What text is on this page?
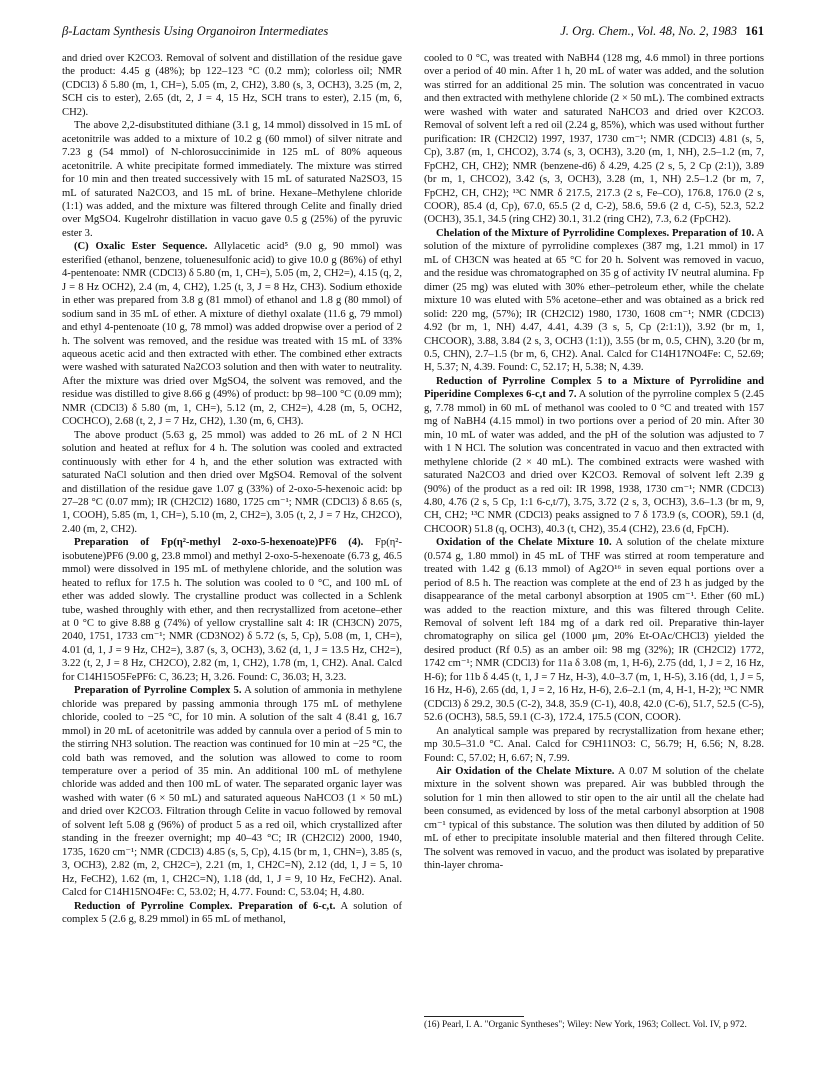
β-Lactam Synthesis Using Organoiron Intermediates	J. Org. Chem., Vol. 48, No. 2, 1983 161

and dried over K2CO3. Removal of solvent and distillation of the residue gave the product: 4.45 g (48%); bp 122–123 °C (0.2 mm); colorless oil; NMR (CDCl3) δ 5.80 (m, 1, CH=), 5.05 (m, 2, CH2), 3.80 (s, 3, OCH3), 3.25 (m, 2, SCH cis to ester), 2.65 (dt, 2, J = 4, 15 Hz, SCH trans to ester), 2.15 (m, 6, CH2).

The above 2,2-disubstituted dithiane (3.1 g, 14 mmol) dissolved in 15 mL of acetonitrile was added to a mixture of 10.2 g (60 mmol) of silver nitrate and 7.23 g (54 mmol) of N-chlorosuccinimide in 125 mL of 80% aqueous acetonitrile. A white precipitate formed immediately. The mixture was stirred for 10 min and then treated successively with 15 mL of saturated Na2SO3, 15 mL of saturated Na2CO3, and 15 mL of brine. Hexane–Methylene chloride (1:1) was added, and the mixture was filtered through Celite and finally dried over MgSO4. Kugelrohr distillation in vacuo gave 0.5 g (25%) of the pyruvic ester 3.

(C) Oxalic Ester Sequence. Allylacetic acid⁵ (9.0 g, 90 mmol) was esterified (ethanol, benzene, toluenesulfonic acid) to give 10.0 g (86%) of ethyl 4-pentenoate: NMR (CDCl3) δ 5.80 (m, 1, CH=), 5.05 (m, 2, CH2=), 4.15 (q, 2, J = 8 Hz OCH2), 2.4 (m, 4, CH2), 1.25 (t, 3, J = 8 Hz, CH3). Sodium ethoxide in ether was prepared from 3.8 g (81 mmol) of ethanol and 1.8 g (80 mmol) of sodium sand in 35 mL of ether. A mixture of diethyl oxalate (11.6 g, 79 mmol) and ethyl 4-pentenoate (10 g, 78 mmol) was added dropwise over a period of 2 h. The solvent was removed, and the residue was treated with 15 mL of 33% aqueous acetic acid and then extracted with ether. The combined ether extracts were washed with saturated Na2CO3 solution and then with water to neutrality. After the mixture was dried over MgSO4, the solvent was removed, and the residue was distilled to give 8.66 g (49%) of product: bp 98–100 °C (0.09 mm); NMR (CDCl3) δ 5.80 (m, 1, CH=), 5.12 (m, 2, CH2=), 4.28 (m, 5, OCH2, COCHCO), 2.68 (t, 2, J = 7 Hz, CH2), 1.30 (m, 6, CH3).

The above product (5.63 g, 25 mmol) was added to 26 mL of 2 N HCl solution and heated at reflux for 4 h. The solution was cooled and extracted continuously with ether for 4 h, and the ether solution was extracted with saturated NaCl solution and then dried over MgSO4. Removal of the solvent and distillation of the residue gave 1.07 g (33%) of 2-oxo-5-hexenoic acid: bp 27–28 °C (0.07 mm); IR (CH2Cl2) 1680, 1725 cm⁻¹; NMR (CDCl3) δ 8.65 (s, 1, COOH), 5.85 (m, 1, CH=), 5.10 (m, 2, CH2=), 3.05 (t, 2, J = 7 Hz, CH2CO), 2.40 (m, 2, CH2).

Preparation of Fp(η²-methyl 2-oxo-5-hexenoate)PF6 (4). Fp(η²-isobutene)PF6 (9.00 g, 23.8 mmol) and methyl 2-oxo-5-hexenoate (6.73 g, 46.5 mmol) were dissolved in 195 mL of methylene chloride, and the solution was heated to reflux for 17.5 h. The solution was cooled to 0 °C, and 100 mL of ether was added slowly. The crystalline product was collected in a Schlenk tube, washed throughly with ether, and then recrystallized from acetone–ether at 0 °C to give 8.88 g (74%) of yellow crystalline salt 4: IR (CH3CN) 2075, 2040, 1751, 1733 cm⁻¹; NMR (CD3NO2) δ 5.72 (s, 5, Cp), 5.08 (m, 1, CH=), 4.01 (d, 1, J = 9 Hz, CH2=), 3.87 (s, 3, OCH3), 3.62 (d, 1, J = 13.5 Hz, CH2=), 3.22 (t, 2, J = 8 Hz, CH2CO), 2.82 (m, 1, CH2), 1.78 (m, 1, CH2). Anal. Calcd for C14H15O5FePF6: C, 36.23; H, 3.26. Found: C, 36.03; H, 3.23.

Preparation of Pyrroline Complex 5. A solution of ammonia in methylene chloride was prepared by passing ammonia through 175 mL of methylene chloride, cooled to −25 °C, for 10 min. A solution of the salt 4 (8.41 g, 16.7 mmol) in 20 mL of acetonitrile was added by cannula over a period of 5 min to the stirring NH3 solution. The reaction was continued for 10 min at −25 °C, the cold bath was removed, and the solution was allowed to come to room temperature over a period of 35 min. An additional 100 mL of methylene chloride was added and then 100 mL of water. The separated organic layer was washed with water (6 × 50 mL) and saturated aqueous NaHCO3 (1 × 50 mL) and dried over K2CO3. Filtration through Celite in vacuo followed by removal of solvent left 5.08 g (96%) of product 5 as a red oil, which crystallized after standing in the freezer overnight; mp 40–43 °C; IR (CH2Cl2) 2000, 1940, 1735, 1620 cm⁻¹; NMR (CDCl3) 4.85 (s, 5, Cp), 4.15 (br m, 1, CHN=), 3.85 (s, 3, OCH3), 2.82 (m, 2, CH2C=), 2.21 (m, 1, CH2C=N), 2.12 (dd, 1, J = 5, 10 Hz, FeCH2), 1.62 (m, 1, CH2C=N), 1.18 (dd, 1, J = 9, 10 Hz, FeCH2). Anal. Calcd for C14H15NO4Fe: C, 53.02; H, 4.77. Found: C, 53.04; H, 4.80.

Reduction of Pyrroline Complex. Preparation of 6-c,t. A solution of complex 5 (2.6 g, 8.29 mmol) in 65 mL of methanol,

cooled to 0 °C, was treated with NaBH4 (128 mg, 4.6 mmol) in three portions over a period of 40 min. After 1 h, 20 mL of water was added, and the solution was stirred for an additional 25 min. The solution was concentrated in vacuo and then extracted with methylene chloride (2 × 50 mL). The combined extracts were washed with water and saturated NaHCO3 and dried over K2CO3. Removal of solvent left a red oil (2.24 g, 85%), which was used without further purification: IR (CH2Cl2) 1997, 1937, 1730 cm⁻¹; NMR (CDCl3) 4.81 (s, 5, Cp), 3.87 (m, 1, CHCO2), 3.74 (s, 3, OCH3), 3.20 (m, 1, NH), 2.5–1.2 (m, 7, FpCH2, CH, CH2); NMR (benzene-d6) δ 4.29, 4.25 (2 s, 5, 2 Cp (2:1)), 3.89 (br m, 1, CHCO2), 3.42 (s, 3, OCH3), 3.28 (m, 1, NH) 2.5–1.2 (br m, 7, FpCH2, CH, CH2); ¹³C NMR δ 217.5, 217.3 (2 s, Fe–CO), 176.8, 176.0 (2 s, COOR), 85.4 (d, Cp), 67.0, 65.5 (2 d, C-2), 58.6, 59.6 (2 d, C-5), 52.3, 52.2 (OCH3), 35.1, 34.5 (ring CH2) 30.1, 31.2 (ring CH2), 7.3, 6.2 (FpCH2).

Chelation of the Mixture of Pyrrolidine Complexes. Preparation of 10. A solution of the mixture of pyrrolidine complexes (387 mg, 1.21 mmol) in 17 mL of CH3CN was heated at 65 °C for 20 h. Solvent was removed in vacuo, and the residue was chromatographed on 35 g of activity IV neutral alumina. Fp dimer (25 mg) was eluted with 30% ether–petroleum ether, while the chelate mixture 10 was eluted with 5% acetone–ether and was obtained as a brick red solid: 220 mg, (57%); IR (CH2Cl2) 1980, 1730, 1608 cm⁻¹; NMR (CDCl3) 4.92 (br m, 1, NH) 4.47, 4.41, 4.39 (3 s, 5, Cp (2:1:1)), 3.92 (br m, 1, CHCOOR), 3.88, 3.84 (2 s, 3, OCH3 (1:1)), 3.55 (br m, 0.5, CHN), 3.20 (br m, 0.5, CHN), 2.7–1.5 (br m, 6, CH2). Anal. Calcd for C14H17NO4Fe: C, 52.69; H, 5.37; N, 4.39. Found: C, 52.17; H, 5.38; N, 4.39.

Reduction of Pyrroline Complex 5 to a Mixture of Pyrrolidine and Piperidine Complexes 6-c,t and 7. A solution of the pyrroline complex 5 (2.45 g, 7.78 mmol) in 60 mL of methanol was cooled to 0 °C and treated with 157 mg of NaBH4 (4.15 mmol) in two portions over a period of 20 min. After 30 min, 10 mL of water was added, and the pH of the solution was adjusted to 7 with 1 N HCl. The solution was concentrated in vacuo and then extracted with methylene chloride (2 × 40 mL). The combined extracts were washed with saturated Na2CO3 and dried over K2CO3. Removal of solvent left 2.39 g (90%) of the product as a red oil: IR 1998, 1938, 1730 cm⁻¹; NMR (CDCl3) 4.80, 4.76 (2 s, 5 Cp, 1:1 6-c,t/7), 3.75, 3.72 (2 s, 3, OCH3), 3.6–1.3 (br m, 9, CH, CH2; ¹³C NMR (CDCl3) peaks assigned to 7 δ 173.9 (s, COOR), 59.1 (d, CHCOOR) 51.8 (q, OCH3), 40.3 (t, CH2), 35.4 (CH2), 23.6 (d, FpCH).

Oxidation of the Chelate Mixture 10. A solution of the chelate mixture (0.574 g, 1.80 mmol) in 45 mL of THF was stirred at room temperature and treated with 1.42 g (6.13 mmol) of Ag2O¹⁶ in seven equal portions over a period of 8.5 h. The reaction was complete at the end of 23 h as judged by the disappearance of the metal carbonyl absorption at 1905 cm⁻¹. Ether (60 mL) was added to the reaction mixture, and this was filtered through Celite. Removal of solvent left 184 mg of a dark red oil. Preparative thin-layer chromatography on silica gel (1000 μm, 20% Et-OAc/CHCl3) yielded the desired product (Rf 0.5) as an amber oil: 98 mg (32%); IR (CH2Cl2) 1772, 1742 cm⁻¹; NMR (CDCl3) for 11a δ 3.08 (m, 1, H-6), 2.75 (dd, 1, J = 2, 16 Hz, H-6); for 11b δ 4.45 (t, 1, J = 7 Hz, H-3), 4.0–3.7 (m, 1, H-5), 3.16 (dd, 1, J = 5, 16 Hz, H-6), 2.65 (dd, 1, J = 2, 16 Hz, H-6), 2.6–2.1 (m, 4, H-1, H-2); ¹³C NMR (CDCl3) δ 29.2, 30.5 (C-2), 34.8, 35.9 (C-1), 40.8, 42.0 (C-6), 51.7, 52.5 (C-5), 52.6 (OCH3), 58.5, 59.1 (C-3), 172.4, 175.5 (CON, COOR).

An analytical sample was prepared by recrystallization from hexane ether; mp 30.5–31.0 °C. Anal. Calcd for C9H11NO3: C, 56.79; H, 6.56; N, 8.28. Found: C, 57.02; H, 6.67; N, 7.99.

Air Oxidation of the Chelate Mixture. A 0.07 M solution of the chelate mixture in the solvent shown was prepared. Air was bubbled through the solution for 1 min then allowed to stir open to the air until all the chelate had been consumed, as evidenced by loss of the metal carbonyl absorption at 1908 cm⁻¹ typical of this substance. The solution was then diluted by addition of 50 mL of ether to precipitate insoluble material and then filtered through Celite. The solvent was removed in vacuo, and the product was isolated by preparative thin-layer chroma-

(16) Pearl, I. A. "Organic Syntheses"; Wiley: New York, 1963; Collect. Vol. IV, p 972.
